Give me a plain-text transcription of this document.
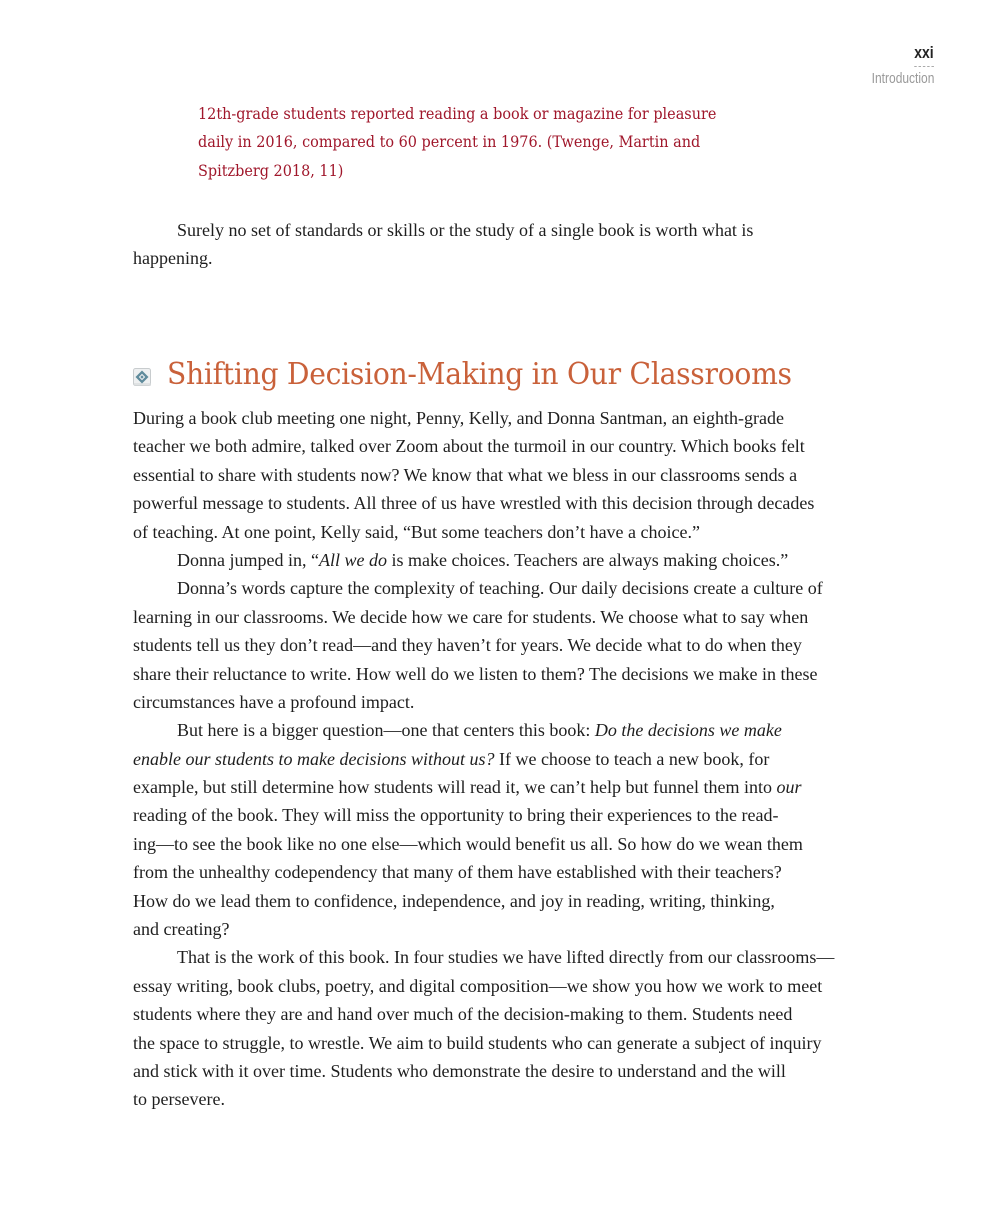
xxi
Introduction
12th-grade students reported reading a book or magazine for pleasure
daily in 2016, compared to 60 percent in 1976. (Twenge, Martin and
Spitzberg 2018, 11)
Surely no set of standards or skills or the study of a single book is worth what is
happening.
Shifting Decision-Making in Our Classrooms
During a book club meeting one night, Penny, Kelly, and Donna Santman, an eighth-grade
teacher we both admire, talked over Zoom about the turmoil in our country. Which books felt
essential to share with students now? We know that what we bless in our classrooms sends a
powerful message to students. All three of us have wrestled with this decision through decades
of teaching. At one point, Kelly said, “But some teachers don’t have a choice.”
Donna jumped in, “All we do is make choices. Teachers are always making choices.”
Donna’s words capture the complexity of teaching. Our daily decisions create a culture of
learning in our classrooms. We decide how we care for students. We choose what to say when
students tell us they don’t read—and they haven’t for years. We decide what to do when they
share their reluctance to write. How well do we listen to them? The decisions we make in these
circumstances have a profound impact.
But here is a bigger question—one that centers this book: Do the decisions we make
enable our students to make decisions without us? If we choose to teach a new book, for
example, but still determine how students will read it, we can’t help but funnel them into our
reading of the book. They will miss the opportunity to bring their experiences to the read-
ing—to see the book like no one else—which would benefit us all. So how do we wean them
from the unhealthy codependency that many of them have established with their teachers?
How do we lead them to confidence, independence, and joy in reading, writing, thinking,
and creating?
That is the work of this book. In four studies we have lifted directly from our classrooms—
essay writing, book clubs, poetry, and digital composition—we show you how we work to meet
students where they are and hand over much of the decision-making to them. Students need
the space to struggle, to wrestle. We aim to build students who can generate a subject of inquiry
and stick with it over time. Students who demonstrate the desire to understand and the will
to persevere.
